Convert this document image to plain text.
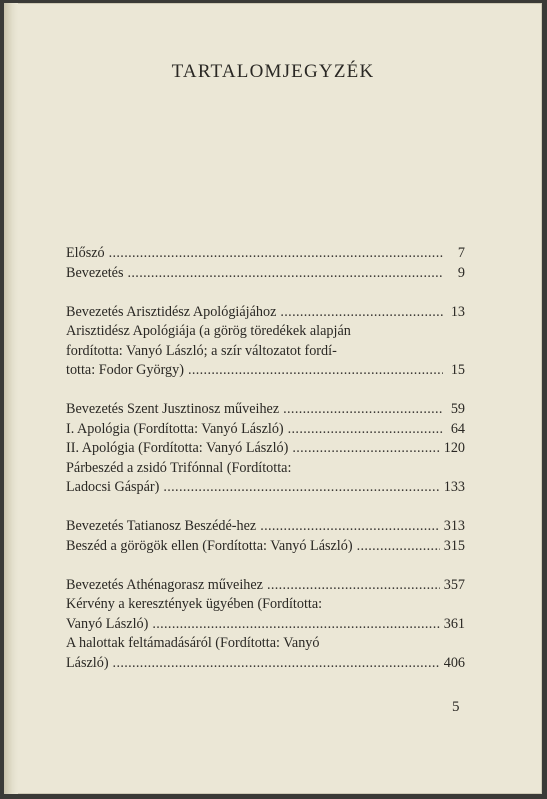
TARTALOMJEGYZÉK
Előszó . . .	7
Bevezetés . . .	9
Bevezetés Arisztidész Apológiájához . . .	13
Arisztidész Apológiája (a görög töredékek alapján
fordította: Vanyó László; a szír változatot fordí-
totta: Fodor György) . . .	15
Bevezetés Szent Jusztinosz műveihez . . .	59
I. Apológia (Fordította: Vanyó László) . . .	64
II. Apológia (Fordította: Vanyó László) . . .	120
Párbeszéd a zsidó Trifónnal (Fordította:
Ladocsi Gáspár) . . .	133
Bevezetés Tatianosz Beszédé-hez . . .	313
Beszéd a görögök ellen (Fordította: Vanyó László) . . .	315
Bevezetés Athénagorasz műveihez . . .	357
Kérvény a keresztények ügyében (Fordította:
Vanyó László) . . .	361
A halottak feltámadásáról (Fordította: Vanyó
László) . . .	406
5
